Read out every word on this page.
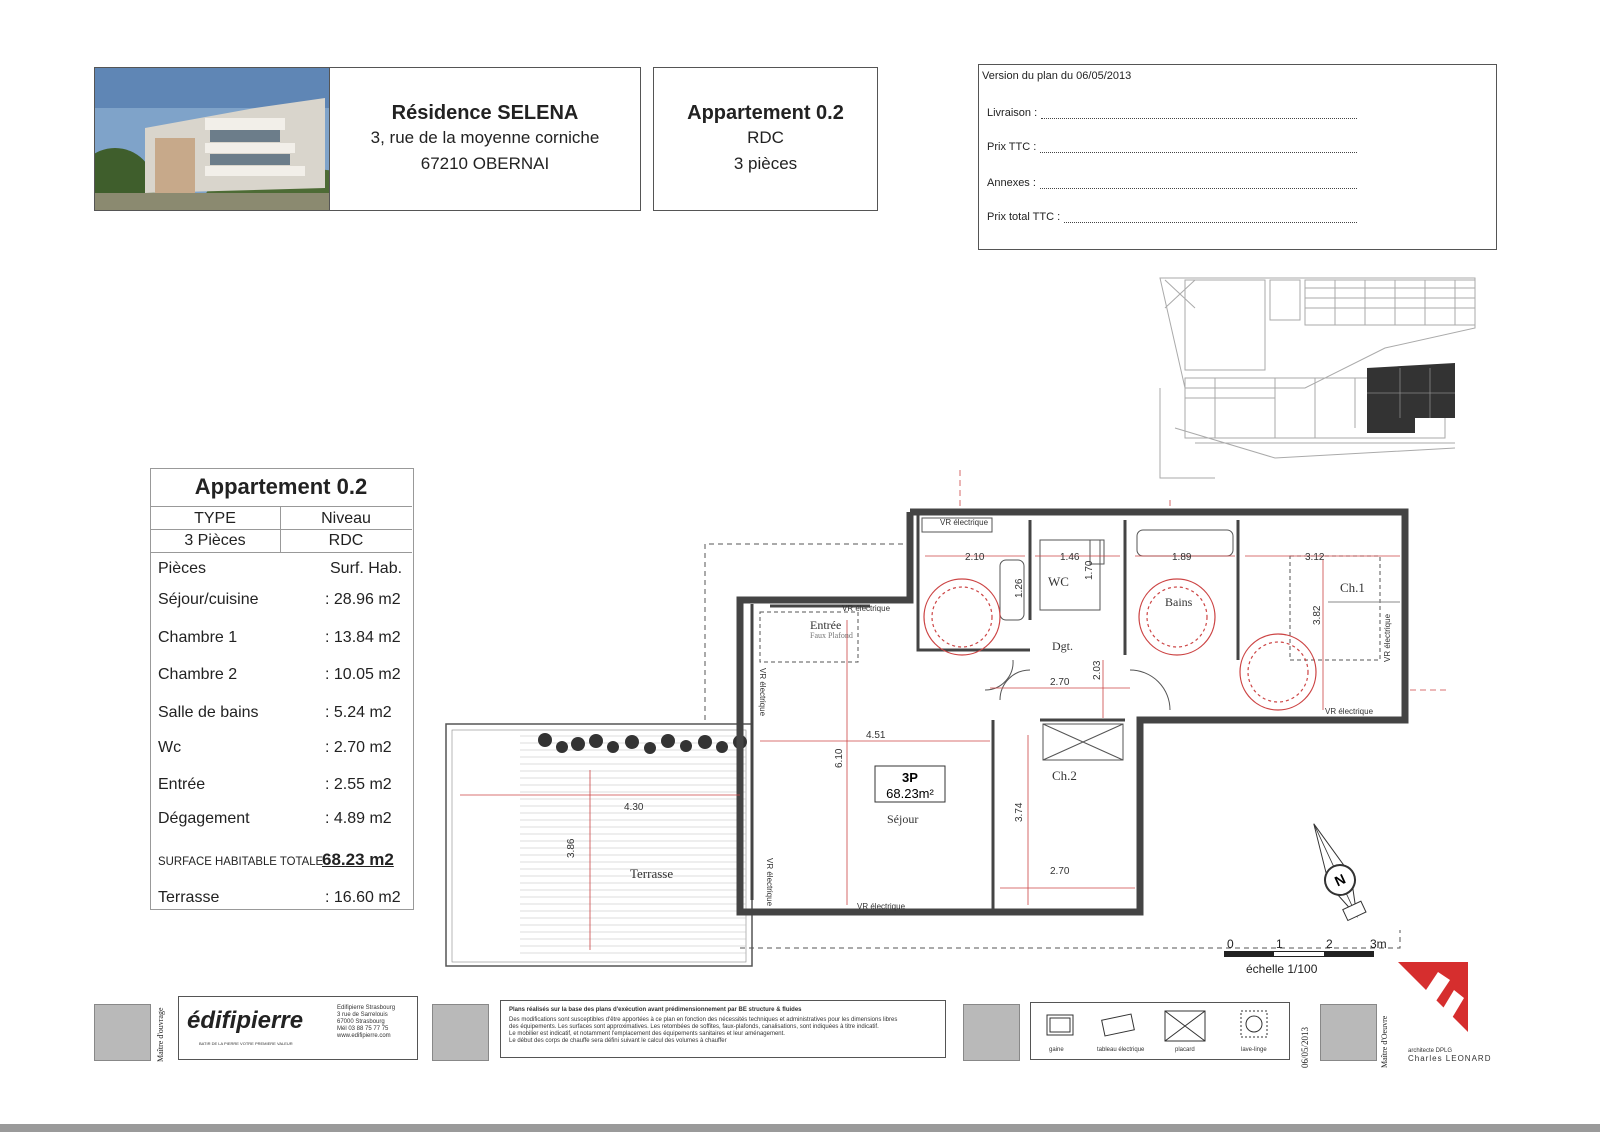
Résidence SELENA
3, rue de la moyenne corniche
67210 OBERNAI
Appartement 0.2
RDC
3 pièces
Version du plan du 06/05/2013
Livraison :
Prix TTC :
Annexes :
Prix total TTC :
Appartement 0.2
TYPE	Niveau
3 Pièces	RDC
Pièces	Surf. Hab.
Séjour/cuisine	: 28.96 m2
Chambre 1	: 13.84 m2
Chambre 2	: 10.05 m2
Salle de bains	: 5.24 m2
Wc	: 2.70 m2
Entrée	: 2.55 m2
Dégagement	: 4.89 m2
SURFACE HABITABLE TOTALE
68.23 m2
Terrasse	: 16.60 m2
2.10	1.46	1.89	3.12
1.70
1.26
2.03
2.70
3.82
4.51
6.10
3.74
2.70
4.30
3.86
Entrée
Faux Plafond
WC
Dgt.
Bains
Ch.1
Ch.2
Séjour
Terrasse
VR électrique
VR électrique
VR électrique
VR électrique
VR électrique
VR électrique
VR électrique
3P
68.23m²
N
0	1	2	3m
échelle 1/100
Maître d'ouvrage édifipierre
BATIR DE LA PIERRE VOTRE PREMIERE VALEUR
Edifipierre Strasbourg
3 rue de Sarrelouis
67000 Strasbourg
Mél 03 88 75 77 75
www.edifipierre.com
Plans réalisés sur la base des plans d'exécution avant prédimensionnement par BE structure & fluides
Des modifications sont susceptibles d'être apportées à ce plan en fonction des nécessités techniques et administratives pour les dimensions libres
des équipements. Les surfaces sont approximatives. Les retombées de soffites, faux-plafonds, canalisations, sont indiquées à titre indicatif.
Le mobilier est indicatif, et notamment l'emplacement des équipements sanitaires et leur aménagement.
Le début des corps de chauffe sera défini suivant le calcul des volumes à chauffer
gaine	tableau électrique	placard	lave-linge	06/05/2013	Maître d'Oeuvre	architecte DPLG
Charles LEONARD
